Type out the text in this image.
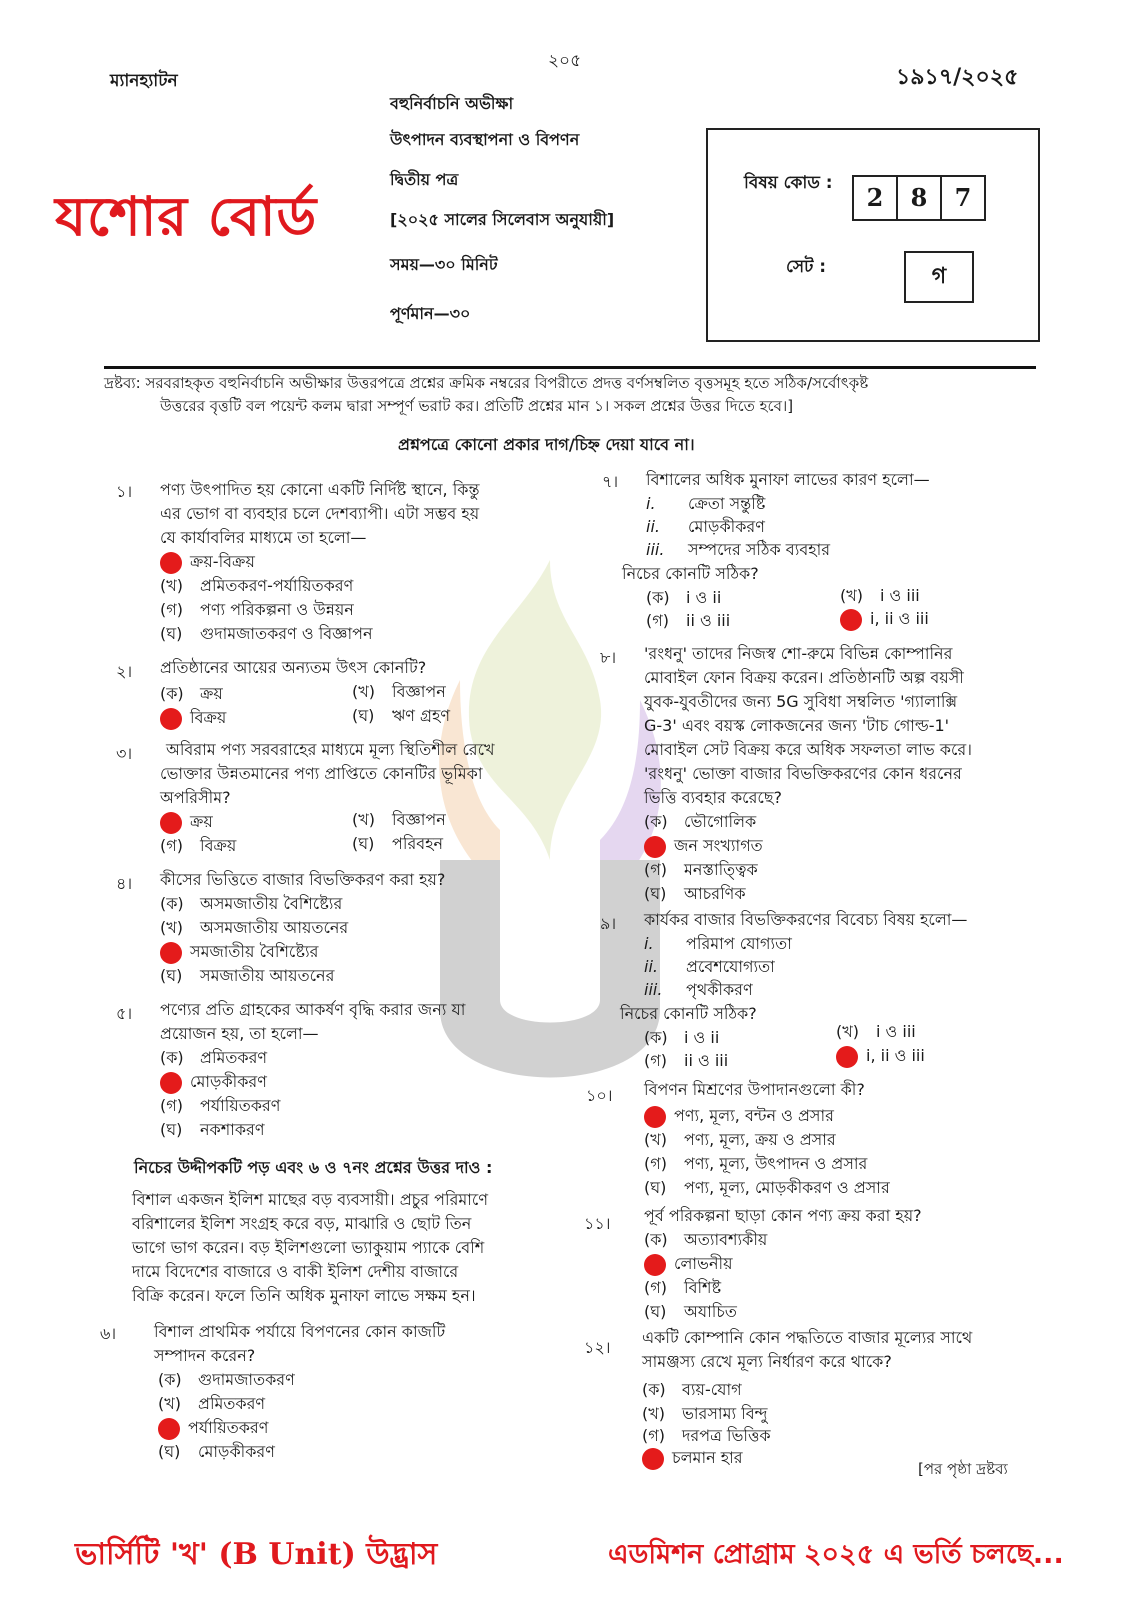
২০৫
ম্যানহ্যাটন	১৯১৭/২০২৫
যশোর বোর্ড
বহুনির্বাচনি অভীক্ষা
উৎপাদন ব্যবস্থাপনা ও বিপণন
দ্বিতীয় পত্র
[২০২৫ সালের সিলেবাস অনুযায়ী]
সময়—৩০ মিনিট
পূর্ণমান—৩০
বিষয় কোড :	2	8	7
সেট :	গ
দ্রষ্টব্য: সরবরাহকৃত বহুনির্বাচনি অভীক্ষার উত্তরপত্রে প্রশ্নের ক্রমিক নম্বরের বিপরীতে প্রদত্ত বর্ণসম্বলিত বৃত্তসমূহ হতে সঠিক/সর্বোৎকৃষ্ট
উত্তরের বৃত্তটি বল পয়েন্ট কলম দ্বারা সম্পূর্ণ ভরাট কর। প্রতিটি প্রশ্নের মান ১। সকল প্রশ্নের উত্তর দিতে হবে।]
প্রশ্নপত্রে কোনো প্রকার দাগ/চিহ্ন দেয়া যাবে না।
১। পণ্য উৎপাদিত হয় কোনো একটি নির্দিষ্ট স্থানে, কিন্তু
এর ভোগ বা ব্যবহার চলে দেশব্যাপী। এটা সম্ভব হয়
যে কার্যাবলির মাধ্যমে তা হলো—
ক্রয়-বিক্রয়
(খ) প্রমিতকরণ-পর্যায়িতকরণ
(গ) পণ্য পরিকল্পনা ও উন্নয়ন
(ঘ) গুদামজাতকরণ ও বিজ্ঞাপন
২। প্রতিষ্ঠানের আয়ের অন্যতম উৎস কোনটি?
(ক) ক্রয়	(খ) বিজ্ঞাপন
বিক্রয়	(ঘ) ঋণ গ্রহণ
৩। অবিরাম পণ্য সরবরাহের মাধ্যমে মূল্য স্থিতিশীল রেখে
ভোক্তার উন্নতমানের পণ্য প্রাপ্তিতে কোনটির ভূমিকা
অপরিসীম?
ক্রয়	(খ) বিজ্ঞাপন
(গ) বিক্রয়	(ঘ) পরিবহন
৪। কীসের ভিত্তিতে বাজার বিভক্তিকরণ করা হয়?
(ক) অসমজাতীয় বৈশিষ্ট্যের
(খ) অসমজাতীয় আয়তনের
সমজাতীয় বৈশিষ্ট্যের
(ঘ) সমজাতীয় আয়তনের
৫। পণ্যের প্রতি গ্রাহকের আকর্ষণ বৃদ্ধি করার জন্য যা
প্রয়োজন হয়, তা হলো—
(ক) প্রমিতকরণ
মোড়কীকরণ
(গ) পর্যায়িতকরণ
(ঘ) নকশাকরণ
নিচের উদ্দীপকটি পড় এবং ৬ ও ৭নং প্রশ্নের উত্তর দাও :
বিশাল একজন ইলিশ মাছের বড় ব্যবসায়ী। প্রচুর পরিমাণে
বরিশালের ইলিশ সংগ্রহ করে বড়, মাঝারি ও ছোট তিন
ভাগে ভাগ করেন। বড় ইলিশগুলো ভ্যাকুয়াম প্যাকে বেশি
দামে বিদেশের বাজারে ও বাকী ইলিশ দেশীয় বাজারে
বিক্রি করেন। ফলে তিনি অধিক মুনাফা লাভে সক্ষম হন।
৬। বিশাল প্রাথমিক পর্যায়ে বিপণনের কোন কাজটি
সম্পাদন করেন?
(ক) গুদামজাতকরণ
(খ) প্রমিতকরণ
পর্যায়িতকরণ
(ঘ) মোড়কীকরণ
৭। বিশালের অধিক মুনাফা লাভের কারণ হলো—
i. ক্রেতা সন্তুষ্টি
ii. মোড়কীকরণ
iii. সম্পদের সঠিক ব্যবহার
নিচের কোনটি সঠিক?
(ক) i ও ii	(খ) i ও iii
(গ) ii ও iii	i, ii ও iii
৮। 'রংধনু' তাদের নিজস্ব শো-রুমে বিভিন্ন কোম্পানির
মোবাইল ফোন বিক্রয় করেন। প্রতিষ্ঠানটি অল্প বয়সী
যুবক-যুবতীদের জন্য 5G সুবিধা সম্বলিত 'গ্যালাক্সি
G-3' এবং বয়স্ক লোকজনের জন্য 'টাচ গোল্ড-1'
মোবাইল সেট বিক্রয় করে অধিক সফলতা লাভ করে।
'রংধনু' ভোক্তা বাজার বিভক্তিকরণের কোন ধরনের
ভিত্তি ব্যবহার করেছে?
(ক) ভৌগোলিক
জন সংখ্যাগত
(গ) মনস্তাত্ত্বিক
(ঘ) আচরণিক
৯। কার্যকর বাজার বিভক্তিকরণের বিবেচ্য বিষয় হলো—
i. পরিমাপ যোগ্যতা
ii. প্রবেশযোগ্যতা
iii. পৃথকীকরণ
নিচের কোনটি সঠিক?
(ক) i ও ii	(খ) i ও iii
(গ) ii ও iii	i, ii ও iii
১০। বিপণন মিশ্রণের উপাদানগুলো কী?
পণ্য, মূল্য, বন্টন ও প্রসার
(খ) পণ্য, মূল্য, ক্রয় ও প্রসার
(গ) পণ্য, মূল্য, উৎপাদন ও প্রসার
(ঘ) পণ্য, মূল্য, মোড়কীকরণ ও প্রসার
১১। পূর্ব পরিকল্পনা ছাড়া কোন পণ্য ক্রয় করা হয়?
(ক) অত্যাবশ্যকীয়
লোভনীয়
(গ) বিশিষ্ট
(ঘ) অযাচিত
১২।
একটি কোম্পানি কোন পদ্ধতিতে বাজার মূল্যের সাথে
সামঞ্জস্য রেখে মূল্য নির্ধারণ করে থাকে?
(ক) ব্যয়-যোগ
(খ) ভারসাম্য বিন্দু
(গ) দরপত্র ভিত্তিক
চলমান হার
[পর পৃষ্ঠা দ্রষ্টব্য
ভার্সিটি 'খ' (B Unit) উদ্ভ্রাস	এডমিশন প্রোগ্রাম ২০২৫ এ ভর্তি চলছে...
